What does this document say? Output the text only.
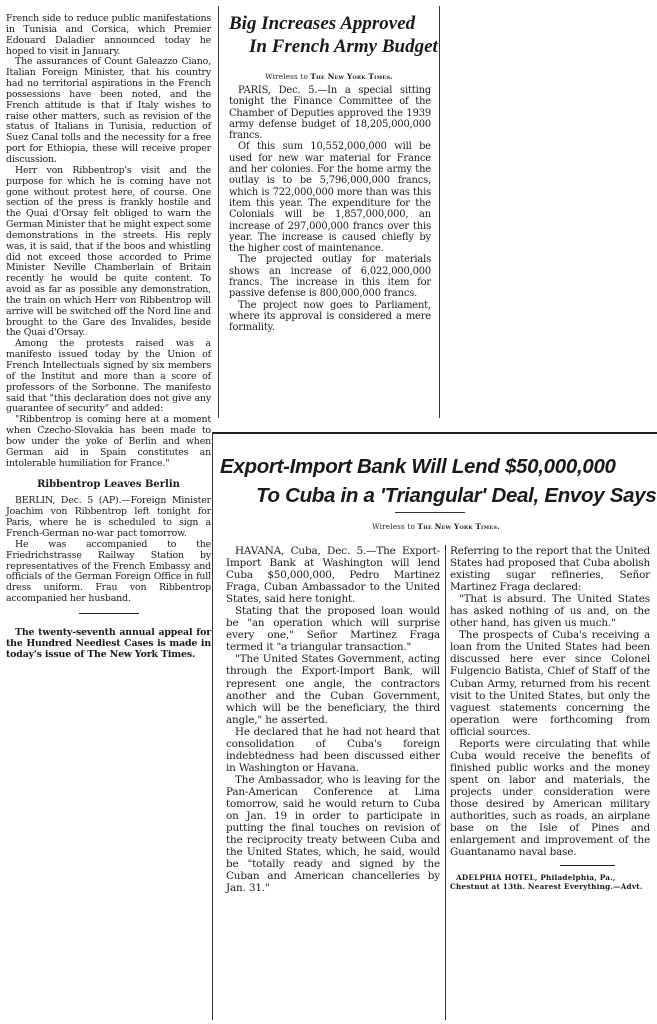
French side to reduce public manifestations in Tunisia and Corsica, which Premier Edouard Daladier announced today he hoped to visit in January.

The assurances of Count Galeazzo Ciano, Italian Foreign Minister, that his country had no territorial aspirations in the French possessions have been noted, and the French attitude is that if Italy wishes to raise other matters, such as revision of the status of Italians in Tunisia, reduction of Suez Canal tolls and the necessity for a free port for Ethiopia, these will receive proper discussion.

Herr von Ribbentrop's visit and the purpose for which he is coming have not gone without protest here, of course. One section of the press is frankly hostile and the Quai d'Orsay felt obliged to warn the German Minister that he might expect some demonstrations in the streets. His reply was, it is said, that if the boos and whistling did not exceed those accorded to Prime Minister Neville Chamberlain of Britain recently he would be quite content. To avoid as far as possible any demonstration, the train on which Herr von Ribbentrop will arrive will be switched off the Nord line and brought to the Gare des Invalides, beside the Quai d'Orsay.

Among the protests raised was a manifesto issued today by the Union of French Intellectuals signed by six members of the Institut and more than a score of professors of the Sorbonne. The manifesto said that "this declaration does not give any guarantee of security" and added:

"Ribbentrop is coming here at a moment when Czecho-Slovakia has been made to bow under the yoke of Berlin and when German aid in Spain constitutes an intolerable humiliation for France."

Ribbentrop Leaves Berlin

BERLIN, Dec. 5 (AP).—Foreign Minister Joachim von Ribbentrop left tonight for Paris, where he is scheduled to sign a French-German no-war pact tomorrow.

He was accompanied to the Friedrichstrasse Railway Station by representatives of the French Embassy and officials of the German Foreign Office in full dress uniform. Frau von Ribbentrop accompanied her husband.

The twenty-seventh annual appeal for the Hundred Neediest Cases is made in today's issue of The New York Times.

Big Increases Approved
In French Army Budget
Wireless to The New York Times.

PARIS, Dec. 5.—In a special sitting tonight the Finance Committee of the Chamber of Deputies approved the 1939 army defense budget of 18,205,000,000 francs.

Of this sum 10,552,000,000 will be used for new war material for France and her colonies. For the home army the outlay is to be 5,796,000,000 francs, which is 722,000,000 more than was this item this year. The expenditure for the Colonials will be 1,857,000,000, an increase of 297,000,000 francs over this year. The increase is caused chiefly by the higher cost of maintenance.

The projected outlay for materials shows an increase of 6,022,000,000 francs. The increase in this item for passive defense is 800,000,000 francs.

The project now goes to Parliament, where its approval is considered a mere formality.

Export-Import Bank Will Lend $50,000,000
To Cuba in a 'Triangular' Deal, Envoy Says
Wireless to The New York Times.

HAVANA, Cuba, Dec. 5.—The Export-Import Bank at Washington will lend Cuba $50,000,000, Pedro Martinez Fraga, Cuban Ambassador to the United States, said here tonight.

Stating that the proposed loan would be "an operation which will surprise every one," Señor Martinez Fraga termed it "a triangular transaction."

"The United States Government, acting through the Export-Import Bank, will represent one angle, the contractors another and the Cuban Government, which will be the beneficiary, the third angle," he asserted.

He declared that he had not heard that consolidation of Cuba's foreign indebtedness had been discussed either in Washington or Havana.

The Ambassador, who is leaving for the Pan-American Conference at Lima tomorrow, said he would return to Cuba on Jan. 19 in order to participate in putting the final touches on revision of the reciprocity treaty between Cuba and the United States, which, he said, would be "totally ready and signed by the Cuban and American chancelleries by Jan. 31."

Referring to the report that the United States had proposed that Cuba abolish existing sugar refineries, Señor Martinez Fraga declared:

"That is absurd. The United States has asked nothing of us and, on the other hand, has given us much."

The prospects of Cuba's receiving a loan from the United States had been discussed here ever since Colonel Fulgencio Batista, Chief of Staff of the Cuban Army, returned from his recent visit to the United States, but only the vaguest statements concerning the operation were forthcoming from official sources.

Reports were circulating that while Cuba would receive the benefits of finished public works and the money spent on labor and materials, the projects under consideration were those desired by American military authorities, such as roads, an airplane base on the Isle of Pines and enlargement and improvement of the Guantanamo naval base.

ADELPHIA HOTEL, Philadelphia, Pa.,
Chestnut at 13th. Nearest Everything.—Advt.
